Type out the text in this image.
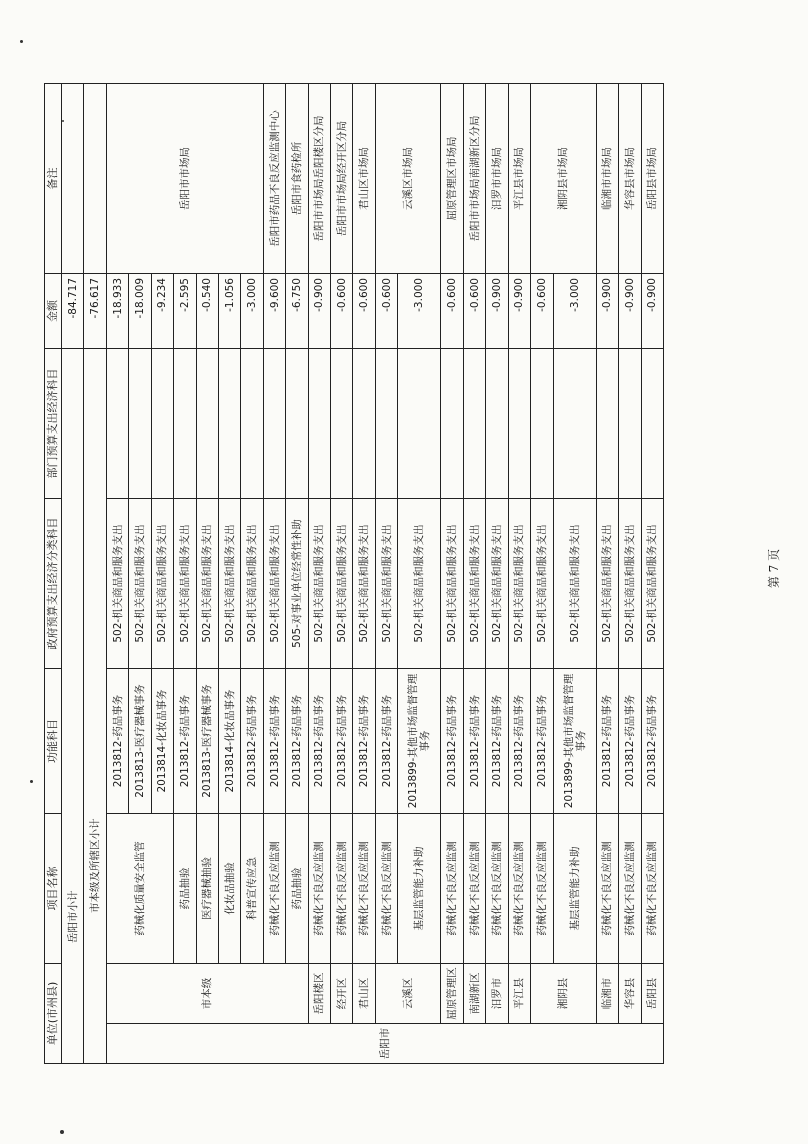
单位(市州县)		项目名称	功能科目	政府预算支出经济分类科目	部门预算支出经济科目	金额	备注
岳阳市小计						-84.717	
市本级及所辖区小计						-76.617	
岳阳市	市本级	药械化质量安全监管	2013812-药品事务	502-机关商品和服务支出		-18.933	岳阳市市场局
			2013813-医疗器械事务	502-机关商品和服务支出		-18.009	
			2013814-化妆品事务	502-机关商品和服务支出		-9.234	
		药品抽验	2013812-药品事务	502-机关商品和服务支出		-2.595	
		医疗器械抽验	2013813-医疗器械事务	502-机关商品和服务支出		-0.540	
		化妆品抽验	2013814-化妆品事务	502-机关商品和服务支出		-1.056	
		科普宣传应急	2013812-药品事务	502-机关商品和服务支出		-3.000	
		药械化不良反应监测	2013812-药品事务	502-机关商品和服务支出		-9.600	岳阳市药品不良反应监测中心
		药品抽验	2013812-药品事务	505-对事业单位经常性补助		-6.750	岳阳市食药检所
	岳阳楼区	药械化不良反应监测	2013812-药品事务	502-机关商品和服务支出		-0.900	岳阳市市场局岳阳楼区分局
	经开区	药械化不良反应监测	2013812-药品事务	502-机关商品和服务支出		-0.600	岳阳市市场局经开区分局
	君山区	药械化不良反应监测	2013812-药品事务	502-机关商品和服务支出		-0.600	君山区市场局
	云溪区	药械化不良反应监测	2013812-药品事务	502-机关商品和服务支出		-0.600	云溪区市场局
		基层监管能力补助	2013899-其他市场监督管理事务	502-机关商品和服务支出		-3.000	
	屈原管理区	药械化不良反应监测	2013812-药品事务	502-机关商品和服务支出		-0.600	屈原管理区市场局
	南湖新区	药械化不良反应监测	2013812-药品事务	502-机关商品和服务支出		-0.600	岳阳市市场局南湖新区分局
	汨罗市	药械化不良反应监测	2013812-药品事务	502-机关商品和服务支出		-0.900	汨罗市市场局
	平江县	药械化不良反应监测	2013812-药品事务	502-机关商品和服务支出		-0.900	平江县市场局
	湘阴县	药械化不良反应监测	2013812-药品事务	502-机关商品和服务支出		-0.600	湘阴县市场局
		基层监管能力补助	2013899-其他市场监督管理事务	502-机关商品和服务支出		-3.000	
	临湘市	药械化不良反应监测	2013812-药品事务	502-机关商品和服务支出		-0.900	临湘市市场局
	华容县	药械化不良反应监测	2013812-药品事务	502-机关商品和服务支出		-0.900	华容县市场局
	岳阳县	药械化不良反应监测	2013812-药品事务	502-机关商品和服务支出		-0.900	岳阳县市场局
第 7 页
